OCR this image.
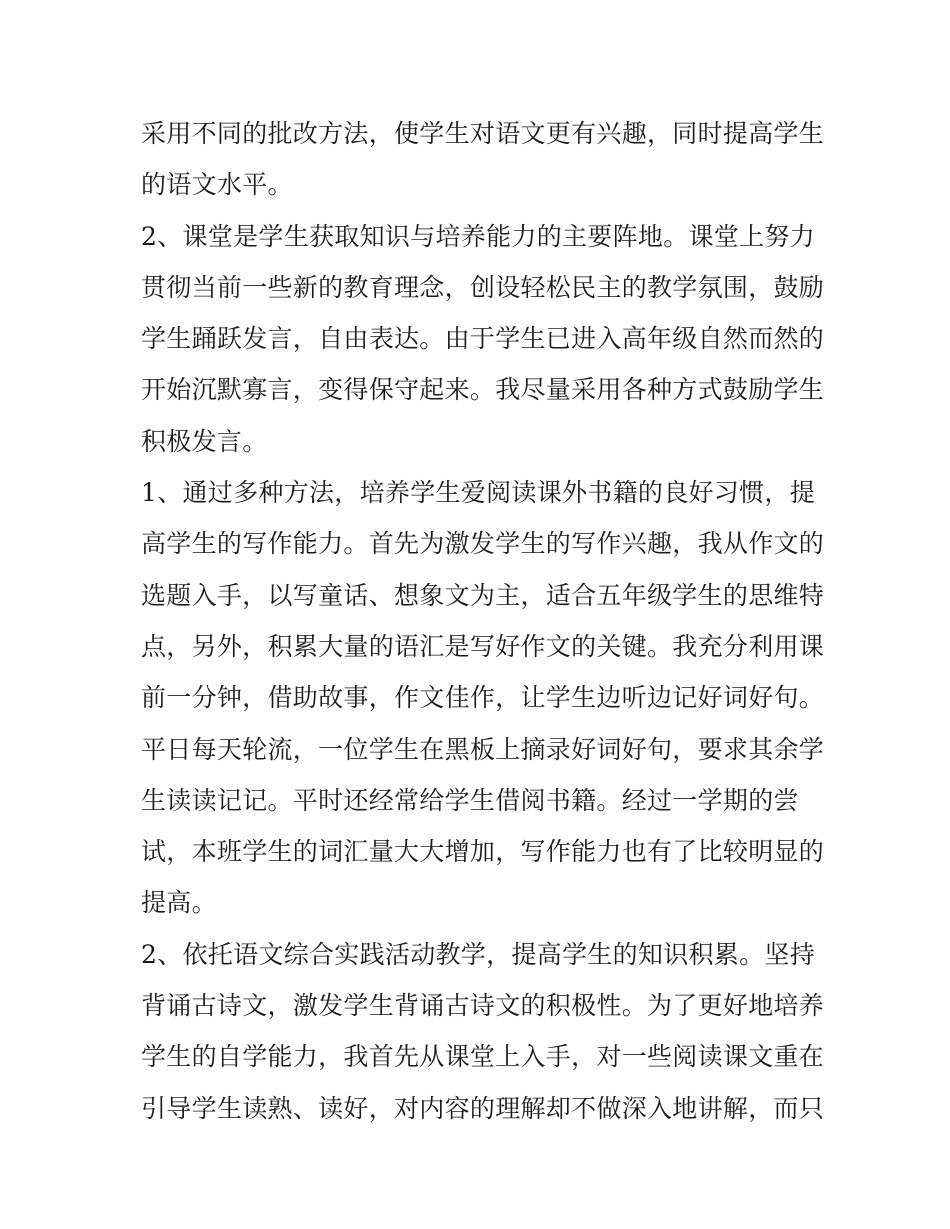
采用不同的批改方法，使学生对语文更有兴趣，同时提高学生
的语文水平。
2、课堂是学生获取知识与培养能力的主要阵地。课堂上努力
贯彻当前一些新的教育理念，创设轻松民主的教学氛围，鼓励
学生踊跃发言，自由表达。由于学生已进入高年级自然而然的
开始沉默寡言，变得保守起来。我尽量采用各种方式鼓励学生
积极发言。
1、通过多种方法，培养学生爱阅读课外书籍的良好习惯，提
高学生的写作能力。首先为激发学生的写作兴趣，我从作文的
选题入手，以写童话、想象文为主，适合五年级学生的思维特
点，另外，积累大量的语汇是写好作文的关键。我充分利用课
前一分钟，借助故事，作文佳作，让学生边听边记好词好句。
平日每天轮流，一位学生在黑板上摘录好词好句，要求其余学
生读读记记。平时还经常给学生借阅书籍。经过一学期的尝
试，本班学生的词汇量大大增加，写作能力也有了比较明显的
提高。
2、依托语文综合实践活动教学，提高学生的知识积累。坚持
背诵古诗文，激发学生背诵古诗文的积极性。为了更好地培养
学生的自学能力，我首先从课堂上入手，对一些阅读课文重在
引导学生读熟、读好，对内容的理解却不做深入地讲解，而只
